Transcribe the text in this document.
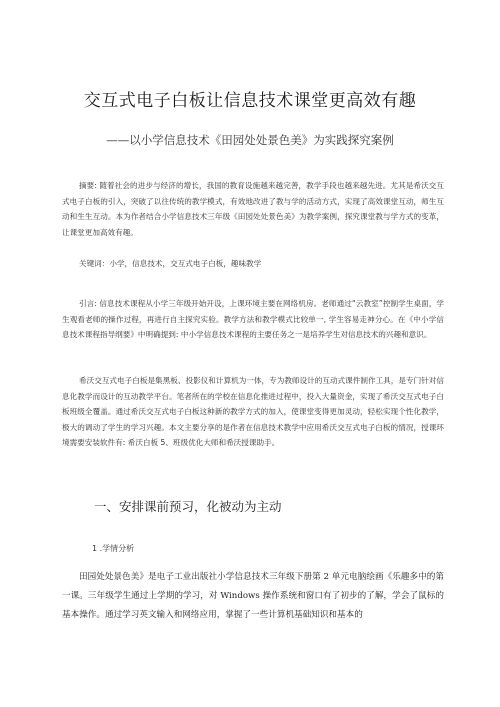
交互式电子白板让信息技术课堂更高效有趣
——以小学信息技术《田园处处景色美》为实践探究案例
摘要: 随着社会的进步与经济的增长，我国的教育设施越来越完善，教学手段也越来越先进。尤其是希沃交互式电子白板的引入，突破了以往传统的教学模式，有效地改进了教与学的活动方式，实现了高效课堂互动，师生互动和生生互动。本为作者结合小学信息技术三年级《田园处处景色美》为教学案例，探究课堂教与学方式的变革，让课堂更加高效有趣。
关键词：小学，信息技术，交互式电子白板，趣味教学
引言: 信息技术课程从小学三年级开始开设，上课环境主要在网络机房。老师通过“云教室”控制学生桌面，学生观看老师的操作过程，再进行自主探究实验。教学方法和教学模式比较单一, 学生容易走神分心。在《中小学信息技术课程指导纲要》中明确提到: 中小学信息技术课程的主要任务之一是培养学生对信息技术的兴趣和意识。
希沃交互式电子白板是集黑板、投影仪和计算机为一体，专为教师设计的互动式课件制作工具，是专门针对信息化教学而设计的互动教学平台。笔者所在的学校在信息化推进过程中，投入大量资金，实现了希沃交互式电子白板班级全覆盖。通过希沃交互式电子白板这种新的教学方式的加入，使课堂变得更加灵动，轻松实现个性化教学，极大的调动了学生的学习兴趣。本文主要分享的是作者在信息技术教学中应用希沃交互式电子白板的情况，授课环境需要安装软件有: 希沃白板 5、班级优化大师和希沃授课助手。
一、安排课前预习，化被动为主动
1 .学情分析
田园处处景色美》是电子工业出版社小学信息技术三年级下册第 2 单元电脑绘画《乐趣多中的第一课。三年级学生通过上学期的学习，对 Windows 操作系统和窗口有了初步的了解，学会了鼠标的基本操作。通过学习英文输入和网络应用，掌握了一些计算机基础知识和基本的
